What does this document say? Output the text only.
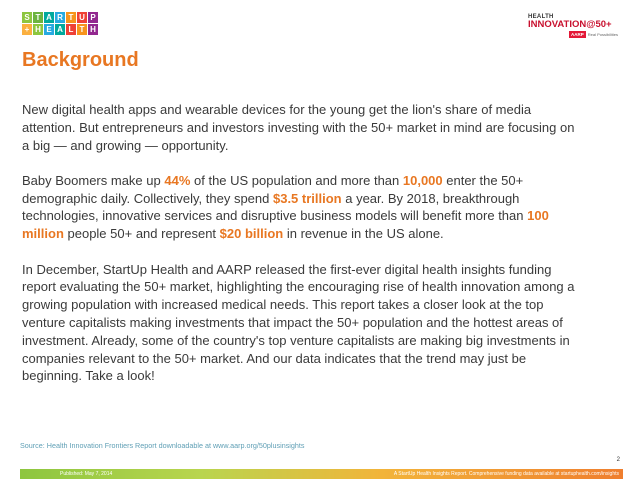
S T A R T U P
+ H E A L T H
HEALTH
INNOVATION@50+
AARP	Real Possibilities
Background

New digital health apps and wearable devices for the young get the lion's share of media attention. But entrepreneurs and investors investing with the 50+ market in mind are focusing on a big — and growing — opportunity.

Baby Boomers make up 44% of the US population and more than 10,000 enter the 50+ demographic daily. Collectively, they spend $3.5 trillion a year. By 2018, breakthrough technologies, innovative services and disruptive business models will benefit more than 100 million people 50+ and represent $20 billion in revenue in the US alone.

In December, StartUp Health and AARP released the first-ever digital health insights funding report evaluating the 50+ market, highlighting the encouraging rise of health innovation among a growing population with increased medical needs. This report takes a closer look at the top venture capitalists making investments that impact the 50+ population and the hottest areas of investment. Already, some of the country's top venture capitalists are making big investments in companies relevant to the 50+ market. And our data indicates that the trend may just be beginning. Take a look!

Source: Health Innovation Frontiers Report downloadable at www.aarp.org/50plusinsights
2
Published: May 7, 2014	A StartUp Health Insights Report. Comprehensive funding data available at startuphealth.com/insights
